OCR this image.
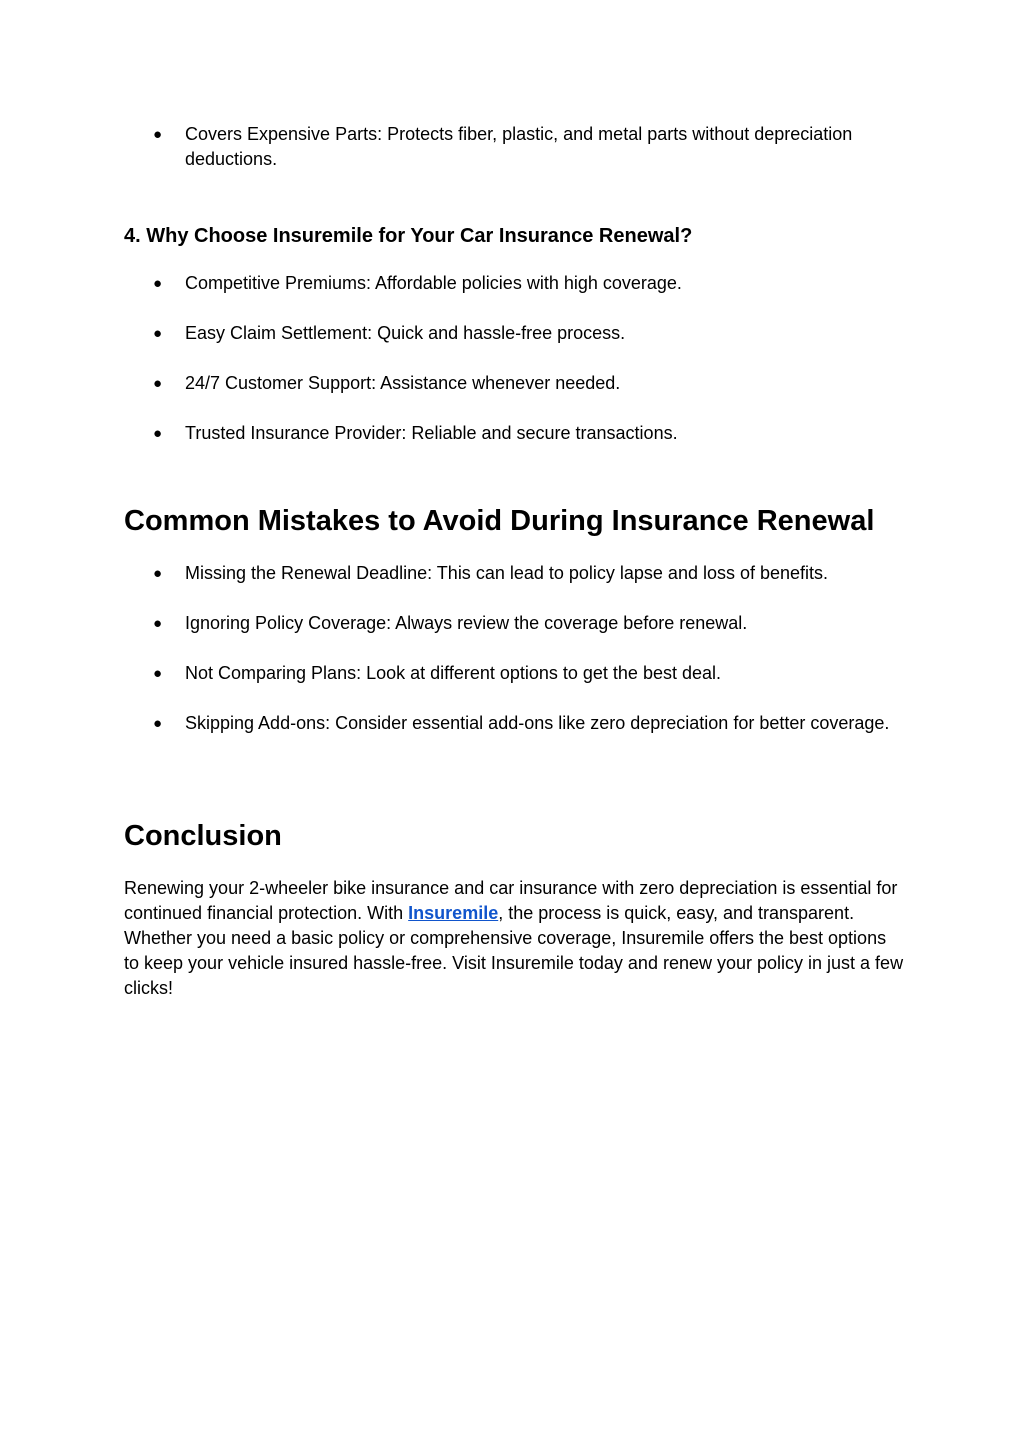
● Covers Expensive Parts: Protects fiber, plastic, and metal parts without depreciation deductions.
4. Why Choose Insuremile for Your Car Insurance Renewal?
● Competitive Premiums: Affordable policies with high coverage.
● Easy Claim Settlement: Quick and hassle-free process.
● 24/7 Customer Support: Assistance whenever needed.
● Trusted Insurance Provider: Reliable and secure transactions.
Common Mistakes to Avoid During Insurance Renewal
● Missing the Renewal Deadline: This can lead to policy lapse and loss of benefits.
● Ignoring Policy Coverage: Always review the coverage before renewal.
● Not Comparing Plans: Look at different options to get the best deal.
● Skipping Add-ons: Consider essential add-ons like zero depreciation for better coverage.
Conclusion

Renewing your 2-wheeler bike insurance and car insurance with zero depreciation is essential for continued financial protection. With Insuremile, the process is quick, easy, and transparent. Whether you need a basic policy or comprehensive coverage, Insuremile offers the best options to keep your vehicle insured hassle-free. Visit Insuremile today and renew your policy in just a few clicks!
